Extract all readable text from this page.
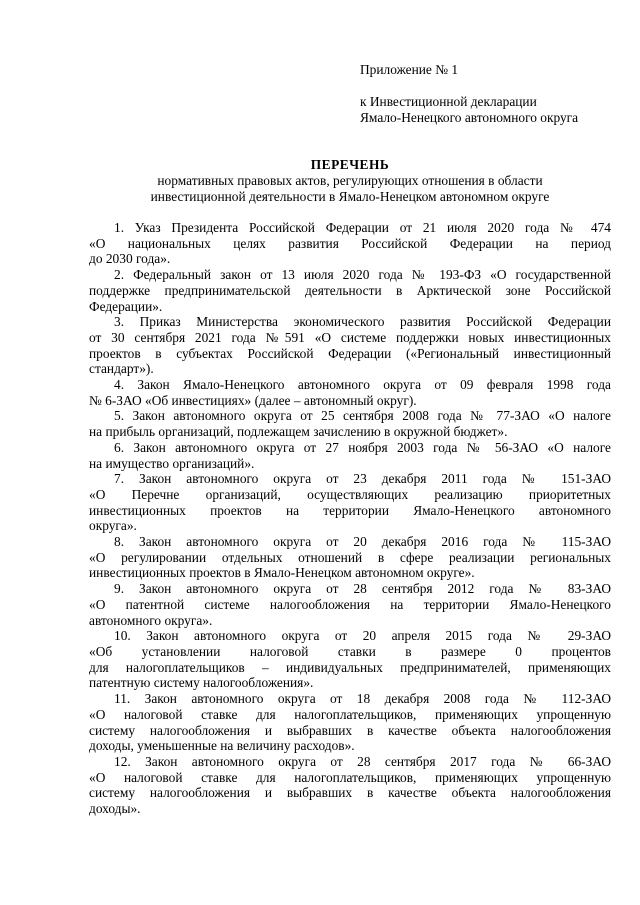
Приложение № 1
к Инвестиционной декларации
Ямало-Ненецкого автономного округа
ПЕРЕЧЕНЬ
нормативных правовых актов, регулирующих отношения в области
инвестиционной деятельности в Ямало-Ненецком автономном округе
1. Указ Президента Российской Федерации от 21 июля 2020 года № 474
«О национальных целях развития Российской Федерации на период
до 2030 года».
2. Федеральный закон от 13 июля 2020 года № 193-ФЗ «О государственной
поддержке предпринимательской деятельности в Арктической зоне Российской
Федерации».
3. Приказ Министерства экономического развития Российской Федерации
от 30 сентября 2021 года №591 «О системе поддержки новых инвестиционных
проектов в субъектах Российской Федерации («Региональный инвестиционный
стандарт»).
4. Закон Ямало-Ненецкого автономного округа от 09 февраля 1998 года
№ 6-ЗАО «Об инвестициях» (далее – автономный округ).
5. Закон автономного округа от 25 сентября 2008 года № 77-ЗАО «О налоге
на прибыль организаций, подлежащем зачислению в окружной бюджет».
6. Закон автономного округа от 27 ноября 2003 года № 56-ЗАО «О налоге
на имущество организаций».
7. Закон автономного округа от 23 декабря 2011 года № 151-ЗАО
«О Перечне организаций, осуществляющих реализацию приоритетных
инвестиционных проектов на территории Ямало-Ненецкого автономного
округа».
8. Закон автономного округа от 20 декабря 2016 года № 115-ЗАО
«О регулировании отдельных отношений в сфере реализации региональных
инвестиционных проектов в Ямало-Ненецком автономном округе».
9. Закон автономного округа от 28 сентября 2012 года № 83-ЗАО
«О патентной системе налогообложения на территории Ямало-Ненецкого
автономного округа».
10. Закон автономного округа от 20 апреля 2015 года № 29-ЗАО
«Об установлении налоговой ставки в размере 0 процентов
для налогоплательщиков – индивидуальных предпринимателей, применяющих
патентную систему налогообложения».
11. Закон автономного округа от 18 декабря 2008 года № 112-ЗАО
«О налоговой ставке для налогоплательщиков, применяющих упрощенную
систему налогообложения и выбравших в качестве объекта налогообложения
доходы, уменьшенные на величину расходов».
12. Закон автономного округа от 28 сентября 2017 года № 66-ЗАО
«О налоговой ставке для налогоплательщиков, применяющих упрощенную
систему налогообложения и выбравших в качестве объекта налогообложения
доходы».
